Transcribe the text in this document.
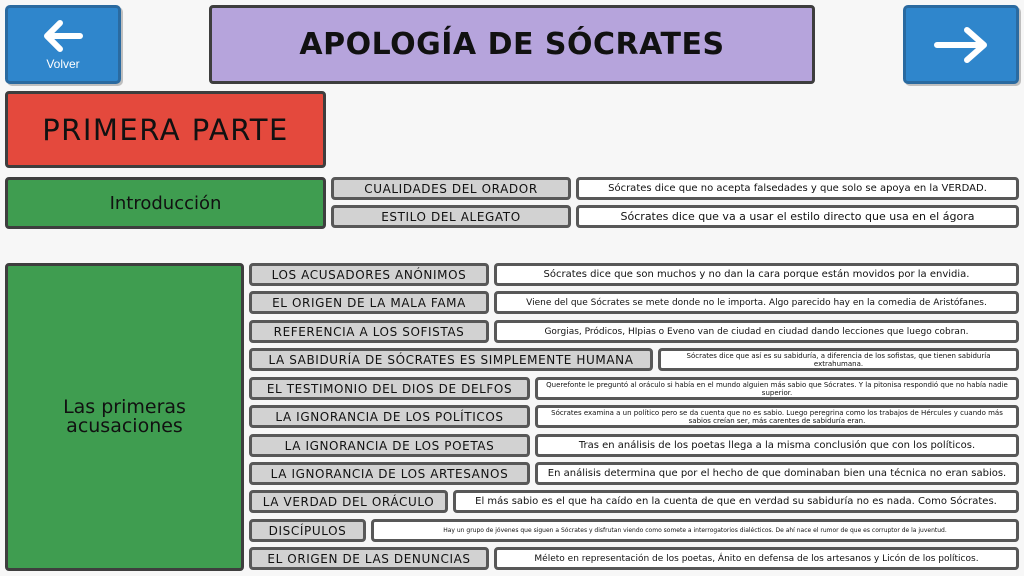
Volver
APOLOGÍA DE SÓCRATES
PRIMERA PARTE
Introducción
CUALIDADES DEL ORADOR	Sócrates dice que no acepta falsedades y que solo se apoya en la VERDAD.
ESTILO DEL ALEGATO	Sócrates dice que va a usar el estilo directo que usa en el ágora
Las primeras acusaciones
LOS ACUSADORES ANÓNIMOS	Sócrates dice que son muchos y no dan la cara porque están movidos por la envidia.
EL ORIGEN DE LA MALA FAMA	Viene del que Sócrates se mete donde no le importa. Algo parecido hay en la comedia de Aristófanes.
REFERENCIA A LOS SOFISTAS	Gorgias, Pródicos, HIpias o Eveno van de ciudad en ciudad dando lecciones que luego cobran.
LA SABIDURÍA DE SÓCRATES ES SIMPLEMENTE HUMANA	Sócrates dice que así es su sabiduría, a diferencia de los sofistas, que tienen sabiduría extrahumana.
EL TESTIMONIO DEL DIOS DE DELFOS	Querefonte le preguntó al oráculo si había en el mundo alguien más sabio que Sócrates. Y la pitonisa respondió que no había nadie superior.
LA IGNORANCIA DE LOS POLÍTICOS	Sócrates examina a un político pero se da cuenta que no es sabio. Luego peregrina como los trabajos de Hércules y cuando más sabios creían ser, más carentes de sabiduría eran.
LA IGNORANCIA DE LOS POETAS	Tras en análisis de los poetas llega a la misma conclusión que con los políticos.
LA IGNORANCIA DE LOS ARTESANOS	En análisis determina que por el hecho de que dominaban bien una técnica no eran sabios.
LA VERDAD DEL ORÁCULO	El más sabio es el que ha caído en la cuenta de que en verdad su sabiduría no es nada. Como Sócrates.
DISCÍPULOS	Hay un grupo de jóvenes que siguen a Sócrates y disfrutan viendo como somete a interrogatorios dialécticos. De ahí nace el rumor de que es corruptor de la juventud.
EL ORIGEN DE LAS DENUNCIAS	Méleto en representación de los poetas, Ánito en defensa de los artesanos y Licón de los políticos.
